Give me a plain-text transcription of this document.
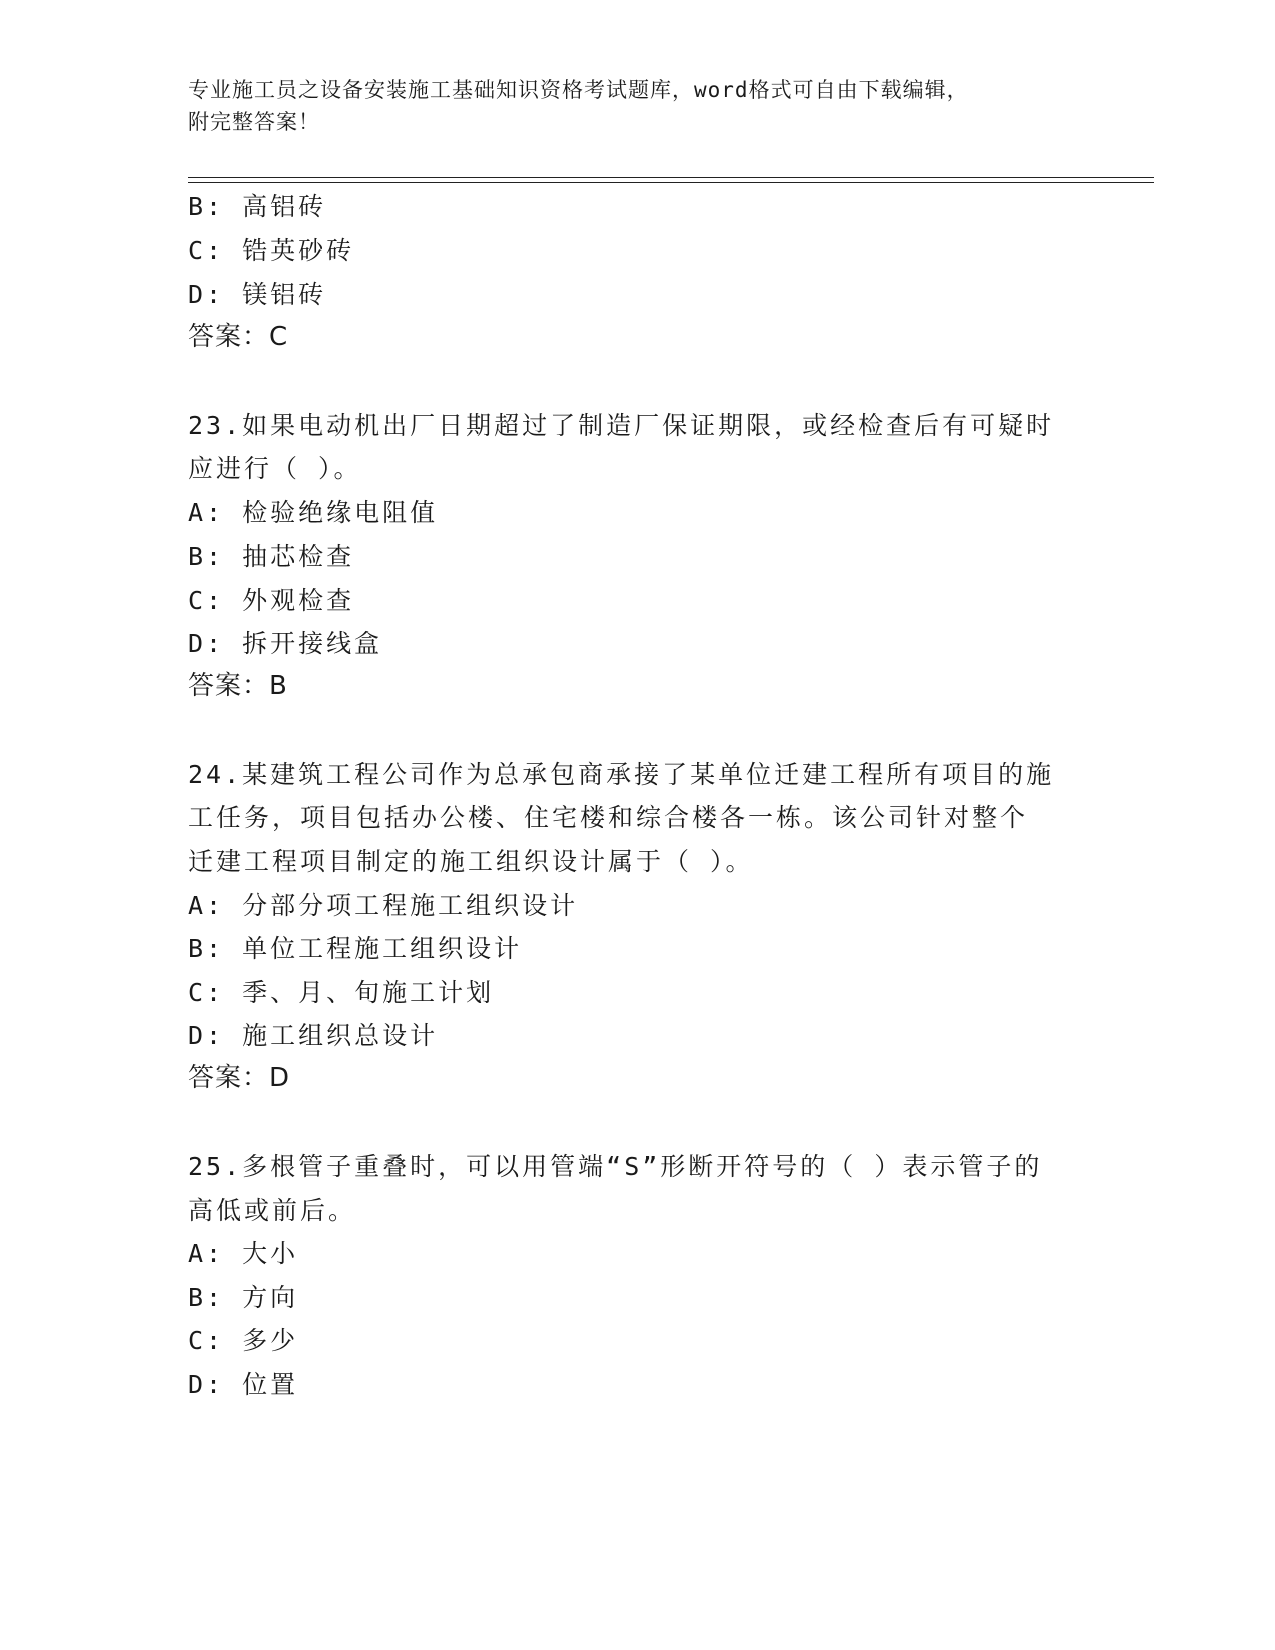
专业施工员之设备安装施工基础知识资格考试题库，word格式可自由下载编辑，
附完整答案！
B: 高铝砖
C: 锆英砂砖
D: 镁铝砖
答案：C
23.如果电动机出厂日期超过了制造厂保证期限，或经检查后有可疑时
应进行（ ）。
A: 检验绝缘电阻值
B: 抽芯检查
C: 外观检查
D: 拆开接线盒
答案：B
24.某建筑工程公司作为总承包商承接了某单位迁建工程所有项目的施
工任务，项目包括办公楼、住宅楼和综合楼各一栋。该公司针对整个
迁建工程项目制定的施工组织设计属于（ ）。
A: 分部分项工程施工组织设计
B: 单位工程施工组织设计
C: 季、月、旬施工计划
D: 施工组织总设计
答案：D
25.多根管子重叠时，可以用管端“S”形断开符号的（ ）表示管子的
高低或前后。
A: 大小
B: 方向
C: 多少
D: 位置
